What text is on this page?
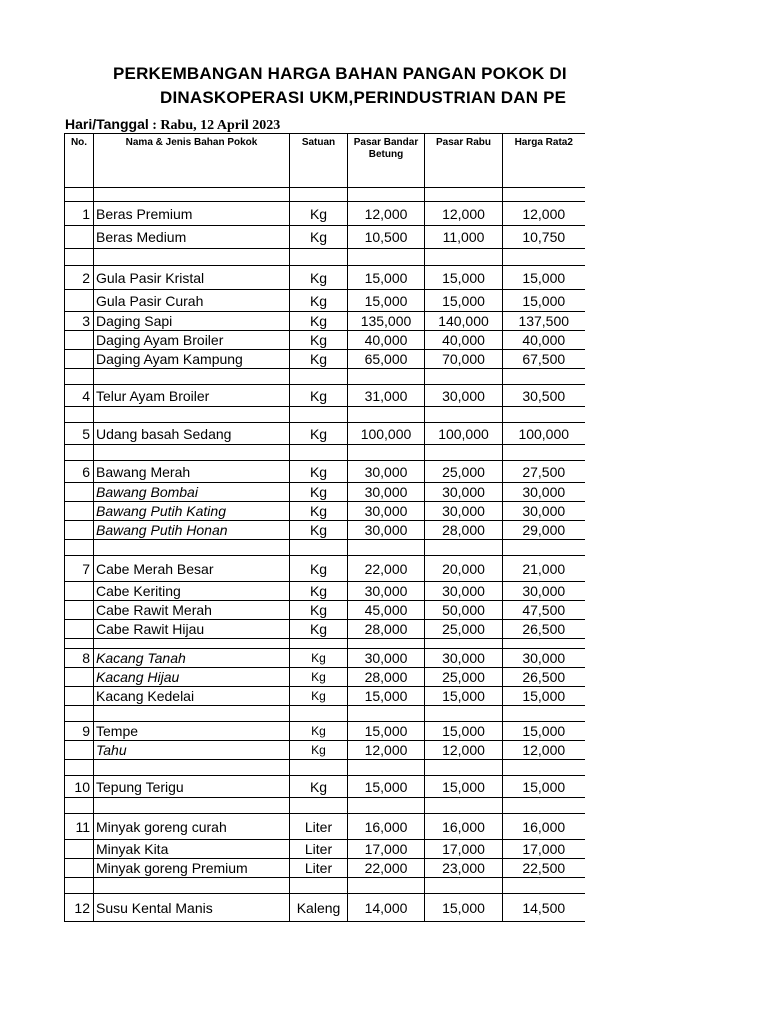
PERKEMBANGAN HARGA BAHAN PANGAN POKOK DI
DINASKOPERASI UKM,PERINDUSTRIAN DAN PE
Hari/Tanggal : Rabu, 12 April 2023
No.	Nama & Jenis Bahan Pokok	Satuan	Pasar Bandar Betung	Pasar Rabu	Harga Rata2

1	Beras Premium	Kg	12,000	12,000	12,000
	Beras Medium	Kg	10,500	11,000	10,750

2	Gula Pasir Kristal	Kg	15,000	15,000	15,000
	Gula Pasir Curah	Kg	15,000	15,000	15,000
3	Daging Sapi	Kg	135,000	140,000	137,500
	Daging Ayam Broiler	Kg	40,000	40,000	40,000
	Daging Ayam Kampung	Kg	65,000	70,000	67,500

4	Telur Ayam Broiler	Kg	31,000	30,000	30,500

5	Udang basah Sedang	Kg	100,000	100,000	100,000

6	Bawang Merah	Kg	30,000	25,000	27,500
	Bawang Bombai	Kg	30,000	30,000	30,000
	Bawang Putih Kating	Kg	30,000	30,000	30,000
	Bawang Putih Honan	Kg	30,000	28,000	29,000

7	Cabe Merah Besar	Kg	22,000	20,000	21,000
	Cabe Keriting	Kg	30,000	30,000	30,000
	Cabe Rawit Merah	Kg	45,000	50,000	47,500
	Cabe Rawit Hijau	Kg	28,000	25,000	26,500

8	Kacang Tanah	Kg	30,000	30,000	30,000
	Kacang Hijau	Kg	28,000	25,000	26,500
	Kacang Kedelai	Kg	15,000	15,000	15,000

9	Tempe	Kg	15,000	15,000	15,000
	Tahu	Kg	12,000	12,000	12,000

10	Tepung Terigu	Kg	15,000	15,000	15,000

11	Minyak goreng curah	Liter	16,000	16,000	16,000
	Minyak Kita	Liter	17,000	17,000	17,000
	Minyak goreng Premium	Liter	22,000	23,000	22,500

12	Susu Kental Manis	Kaleng	14,000	15,000	14,500
